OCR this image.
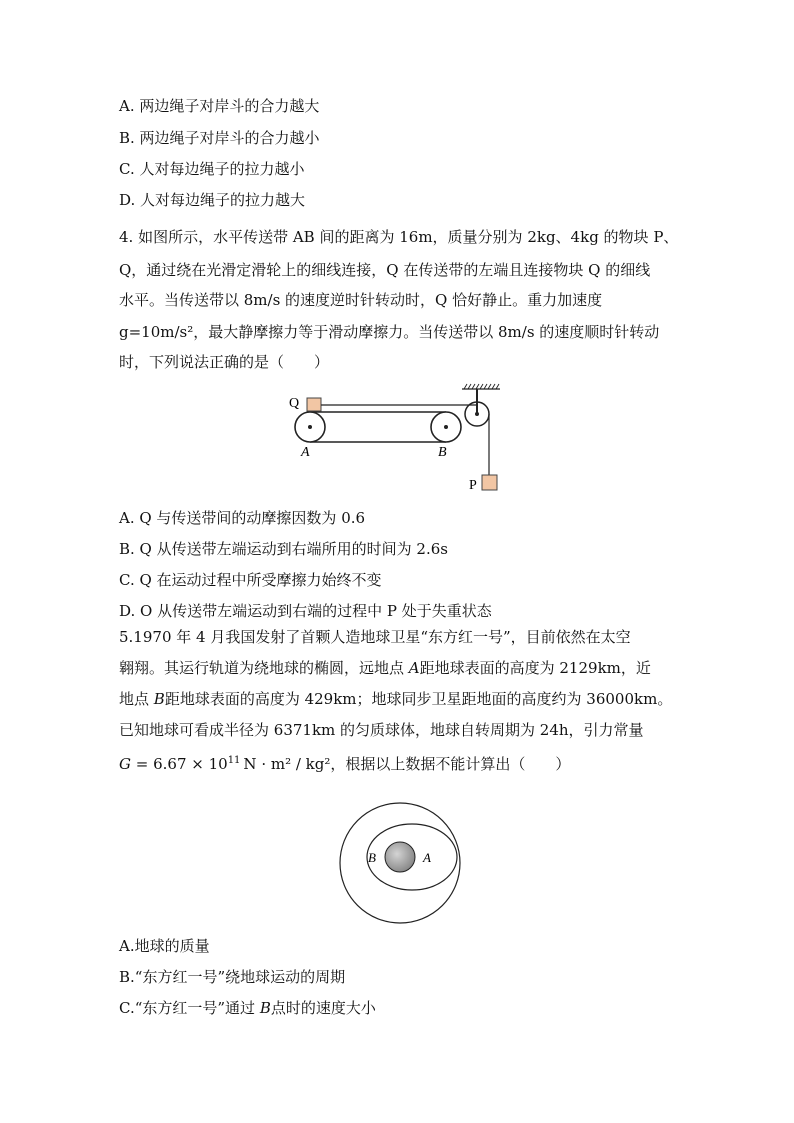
A. 两边绳子对岸斗的合力越大
B. 两边绳子对岸斗的合力越小
C. 人对每边绳子的拉力越小
D. 人对每边绳子的拉力越大
4. 如图所示，水平传送带 AB 间的距离为 16m，质量分别为 2kg、4kg 的物块 P、
Q，通过绕在光滑定滑轮上的细线连接，Q 在传送带的左端且连接物块 Q 的细线
水平。当传送带以 8m/s 的速度逆时针转动时，Q 恰好静止。重力加速度
g=10m/s²，最大静摩擦力等于滑动摩擦力。当传送带以 8m/s 的速度顺时针转动
时，下列说法正确的是（　　）
Q
A	B
P
A. Q 与传送带间的动摩擦因数为 0.6
B. Q 从传送带左端运动到右端所用的时间为 2.6s
C. Q 在运动过程中所受摩擦力始终不变
D. O 从传送带左端运动到右端的过程中 P 处于失重状态
5.1970 年 4 月我国发射了首颗人造地球卫星“东方红一号”，目前依然在太空
翱翔。其运行轨道为绕地球的椭圆，远地点 A距地球表面的高度为 2129km，近
地点 B距地球表面的高度为 429km；地球同步卫星距地面的高度约为 36000km。
已知地球可看成半径为 6371km 的匀质球体，地球自转周期为 24h，引力常量
$G = 6.67 \times 10^{11}$ N · m² / kg²，根据以上数据不能计算出（　　）
B	A
A.地球的质量
B.“东方红一号”绕地球运动的周期
C.“东方红一号”通过 B点时的速度大小
